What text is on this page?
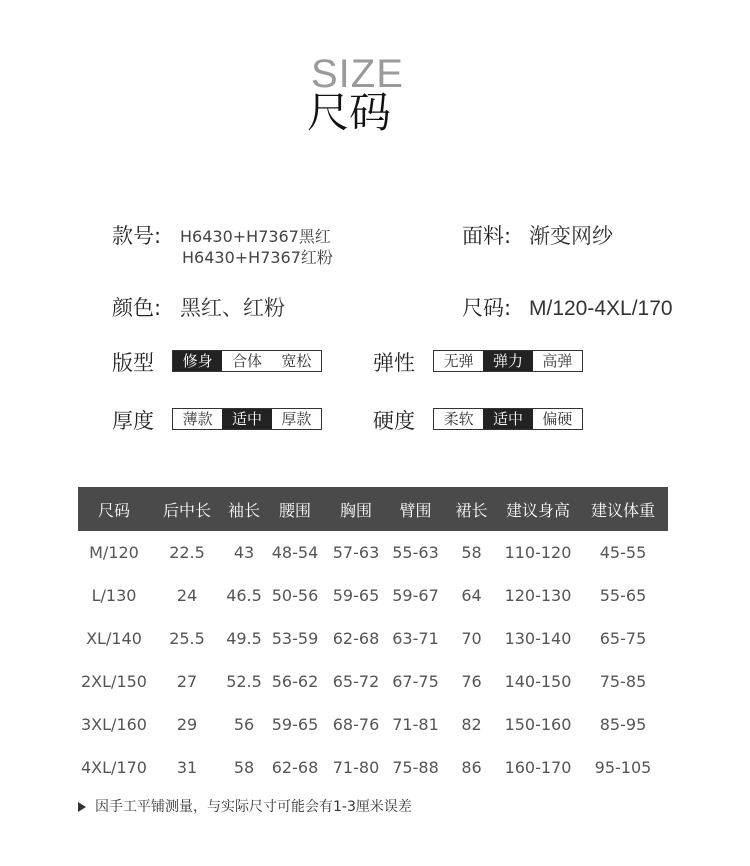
SIZE
尺码
款号: H6430+H7367黑红
H6430+H7367红粉
面料: 渐变网纱
颜色: 黑红、红粉	尺码: M/120-4XL/170
版型	修身	合体	宽松	弹性	无弹	弹力	高弹
厚度	薄款	适中	厚款	硬度	柔软	适中	偏硬
尺码	后中长	袖长	腰围	胸围	臂围	裙长	建议身高	建议体重
M/120	22.5	43	48-54	57-63	55-63	58	110-120	45-55
L/130	24	46.5	50-56	59-65	59-67	64	120-130	55-65
XL/140	25.5	49.5	53-59	62-68	63-71	70	130-140	65-75
2XL/150	27	52.5	56-62	65-72	67-75	76	140-150	75-85
3XL/160	29	56	59-65	68-76	71-81	82	150-160	85-95
4XL/170	31	58	62-68	71-80	75-88	86	160-170	95-105
因手工平铺测量，与实际尺寸可能会有1-3厘米误差
